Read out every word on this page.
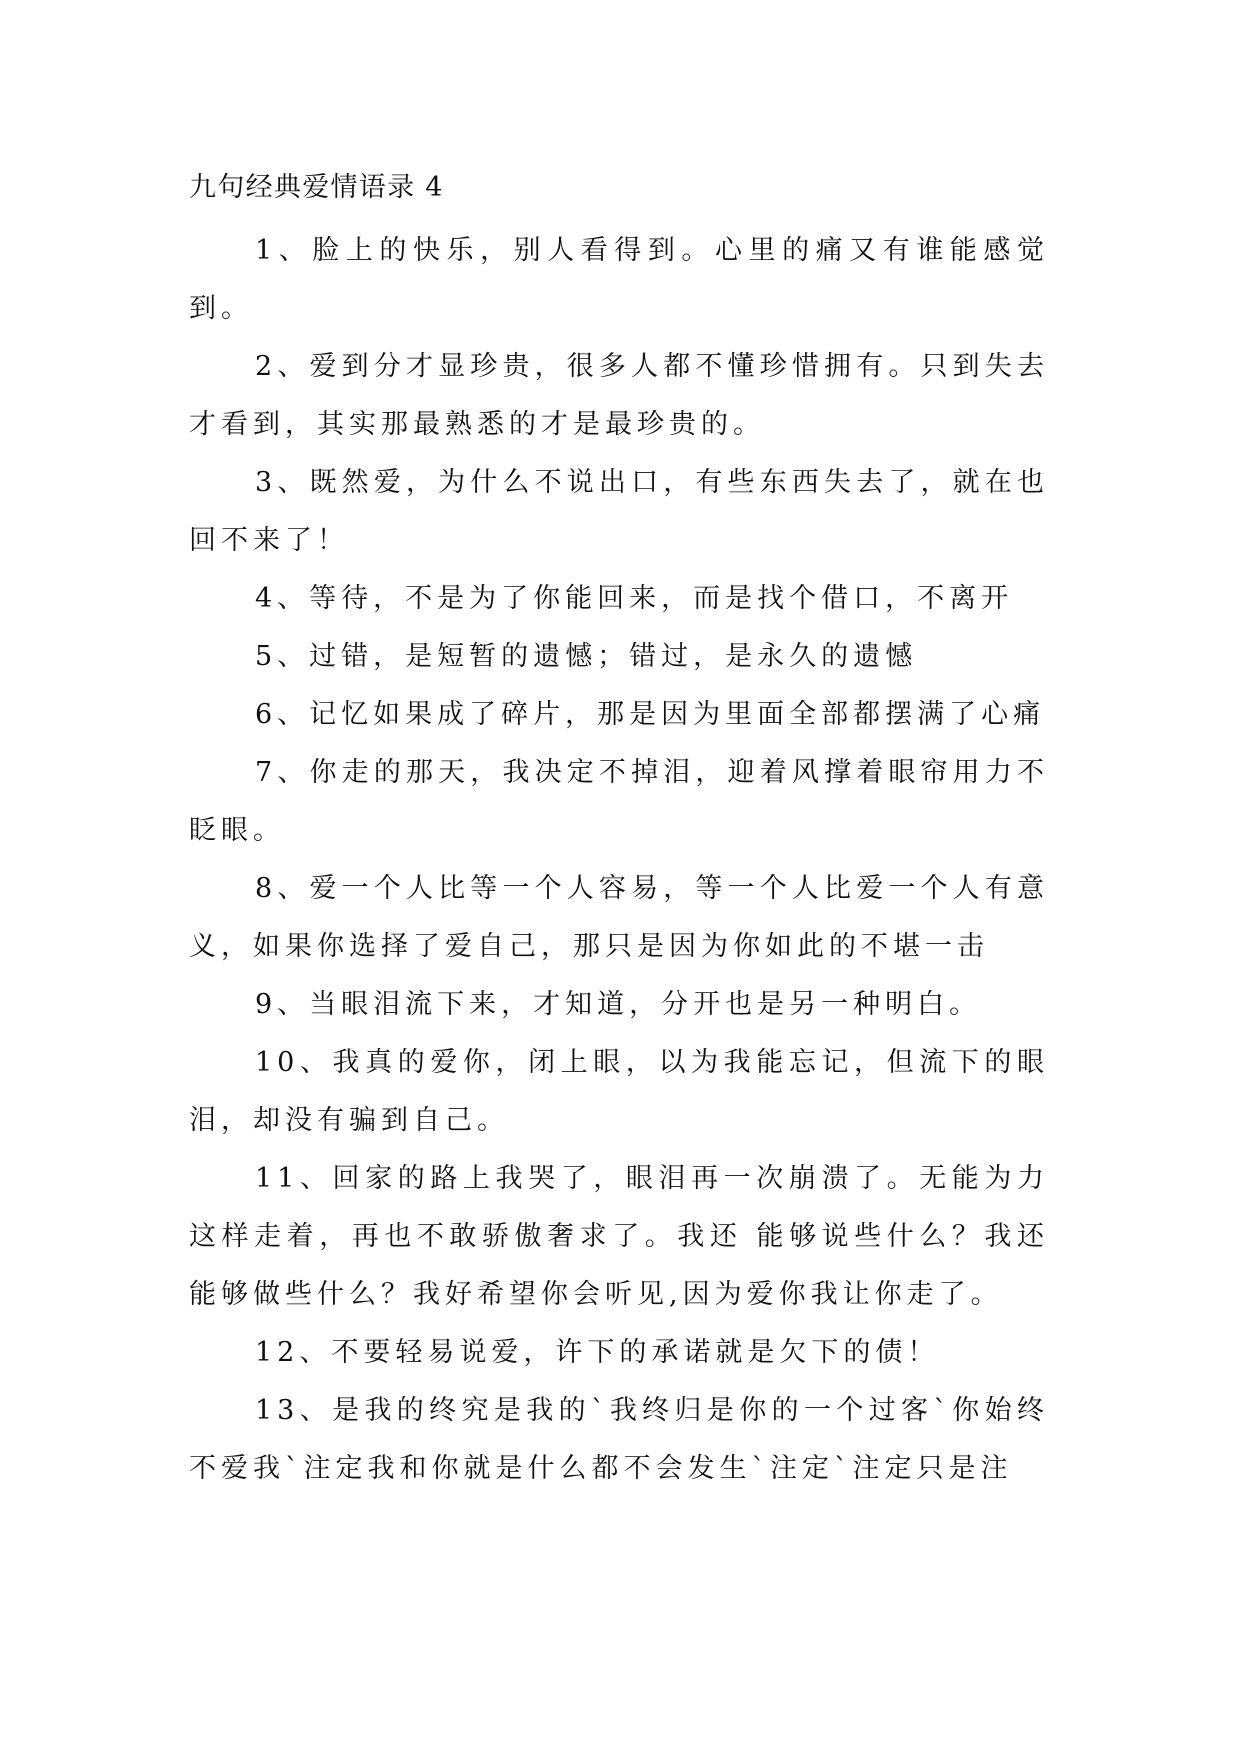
九句经典爱情语录 4

1、脸上的快乐，别人看得到。心里的痛又有谁能感觉到。

2、爱到分才显珍贵，很多人都不懂珍惜拥有。只到失去才看到，其实那最熟悉的才是最珍贵的。

3、既然爱，为什么不说出口，有些东西失去了，就在也回不来了！

4、等待，不是为了你能回来，而是找个借口，不离开

5、过错，是短暂的遗憾；错过，是永久的遗憾

6、记忆如果成了碎片，那是因为里面全部都摆满了心痛

7、你走的那天，我决定不掉泪，迎着风撑着眼帘用力不眨眼。

8、爱一个人比等一个人容易，等一个人比爱一个人有意义，如果你选择了爱自己，那只是因为你如此的不堪一击

9、当眼泪流下来，才知道，分开也是另一种明白。

10、我真的爱你，闭上眼，以为我能忘记，但流下的眼泪，却没有骗到自己。

11、回家的路上我哭了，眼泪再一次崩溃了。无能为力这样走着，再也不敢骄傲奢求了。我还 能够说些什么？我还能够做些什么？我好希望你会听见,因为爱你我让你走了。

12、不要轻易说爱，许下的承诺就是欠下的债！

13、是我的终究是我的`我终归是你的一个过客`你始终不爱我`注定我和你就是什么都不会发生`注定`注定只是注
